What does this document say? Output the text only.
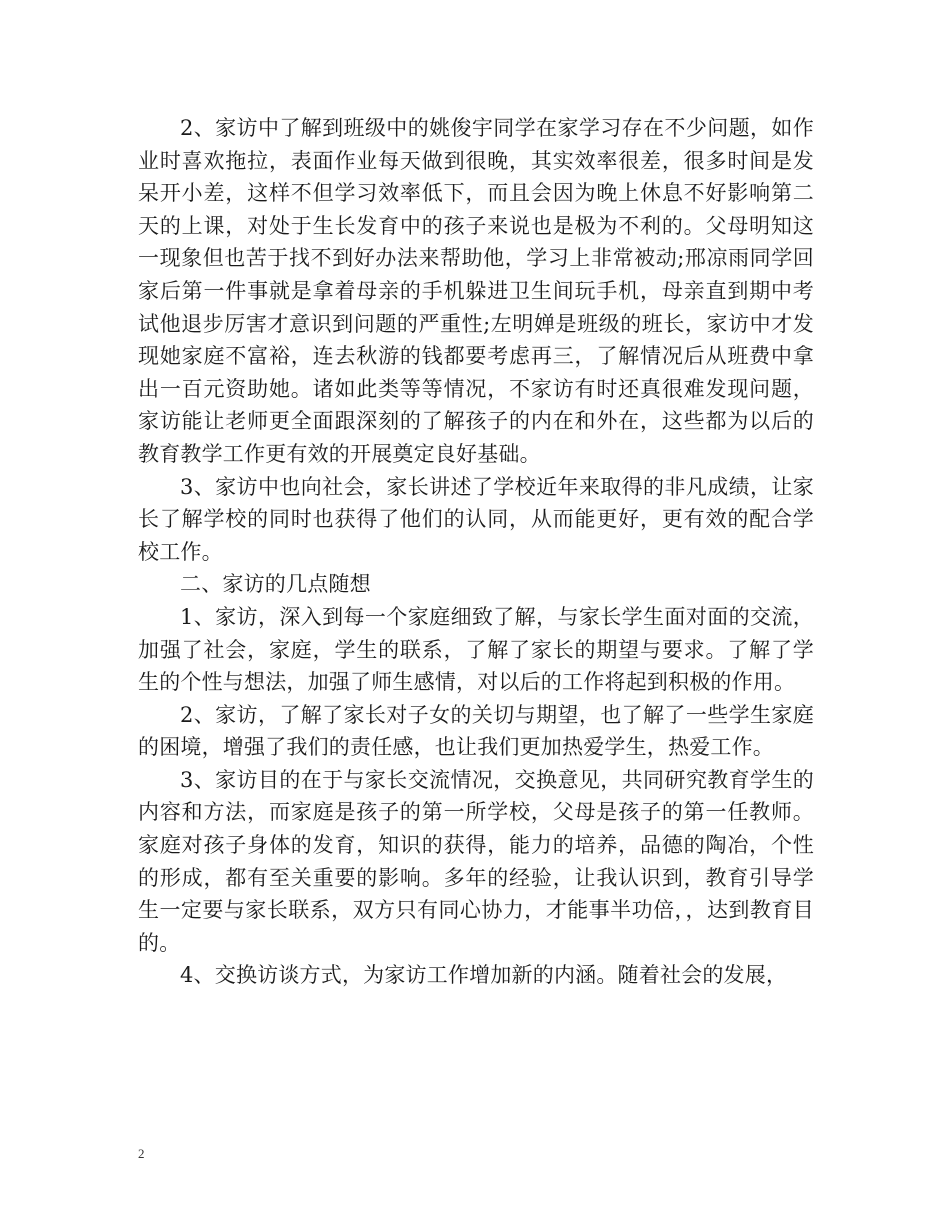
2、家访中了解到班级中的姚俊宇同学在家学习存在不少问题，如作业时喜欢拖拉，表面作业每天做到很晚，其实效率很差，很多时间是发呆开小差，这样不但学习效率低下，而且会因为晚上休息不好影响第二天的上课，对处于生长发育中的孩子来说也是极为不利的。父母明知这一现象但也苦于找不到好办法来帮助他，学习上非常被动;邢凉雨同学回家后第一件事就是拿着母亲的手机躲进卫生间玩手机，母亲直到期中考试他退步厉害才意识到问题的严重性;左明婵是班级的班长，家访中才发现她家庭不富裕，连去秋游的钱都要考虑再三，了解情况后从班费中拿出一百元资助她。诸如此类等等情况，不家访有时还真很难发现问题，家访能让老师更全面跟深刻的了解孩子的内在和外在，这些都为以后的教育教学工作更有效的开展奠定良好基础。

3、家访中也向社会，家长讲述了学校近年来取得的非凡成绩，让家长了解学校的同时也获得了他们的认同，从而能更好，更有效的配合学校工作。

二、家访的几点随想

1、家访，深入到每一个家庭细致了解，与家长学生面对面的交流，加强了社会，家庭，学生的联系，了解了家长的期望与要求。了解了学生的个性与想法，加强了师生感情，对以后的工作将起到积极的作用。

2、家访，了解了家长对子女的关切与期望，也了解了一些学生家庭的困境，增强了我们的责任感，也让我们更加热爱学生，热爱工作。

3、家访目的在于与家长交流情况，交换意见，共同研究教育学生的内容和方法，而家庭是孩子的第一所学校，父母是孩子的第一任教师。家庭对孩子身体的发育，知识的获得，能力的培养，品德的陶冶，个性的形成，都有至关重要的影响。多年的经验，让我认识到，教育引导学生一定要与家长联系，双方只有同心协力，才能事半功倍，，达到教育目的。

4、交换访谈方式，为家访工作增加新的内涵。随着社会的发展，

2
